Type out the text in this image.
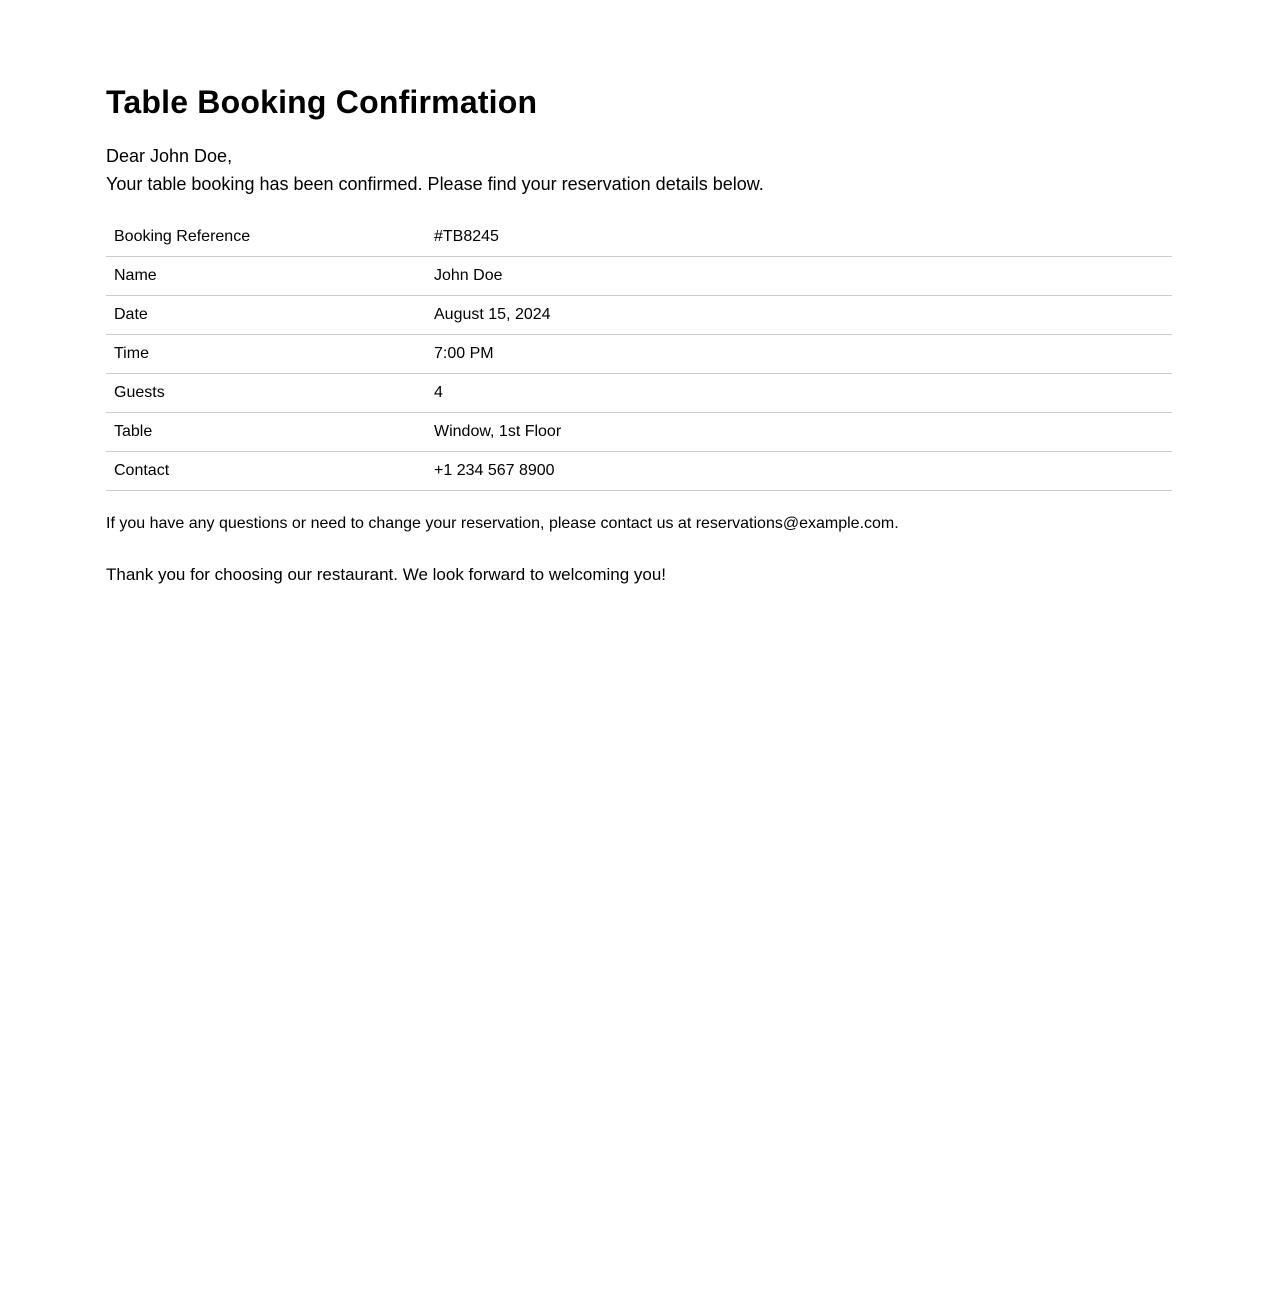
Table Booking Confirmation

Dear John Doe,

Your table booking has been confirmed. Please find your reservation details below.

Booking Reference	#TB8245
Name	John Doe
Date	August 15, 2024
Time	7:00 PM
Guests	4
Table	Window, 1st Floor
Contact	+1 234 567 8900

If you have any questions or need to change your reservation, please contact us at reservations@example.com.

Thank you for choosing our restaurant. We look forward to welcoming you!
